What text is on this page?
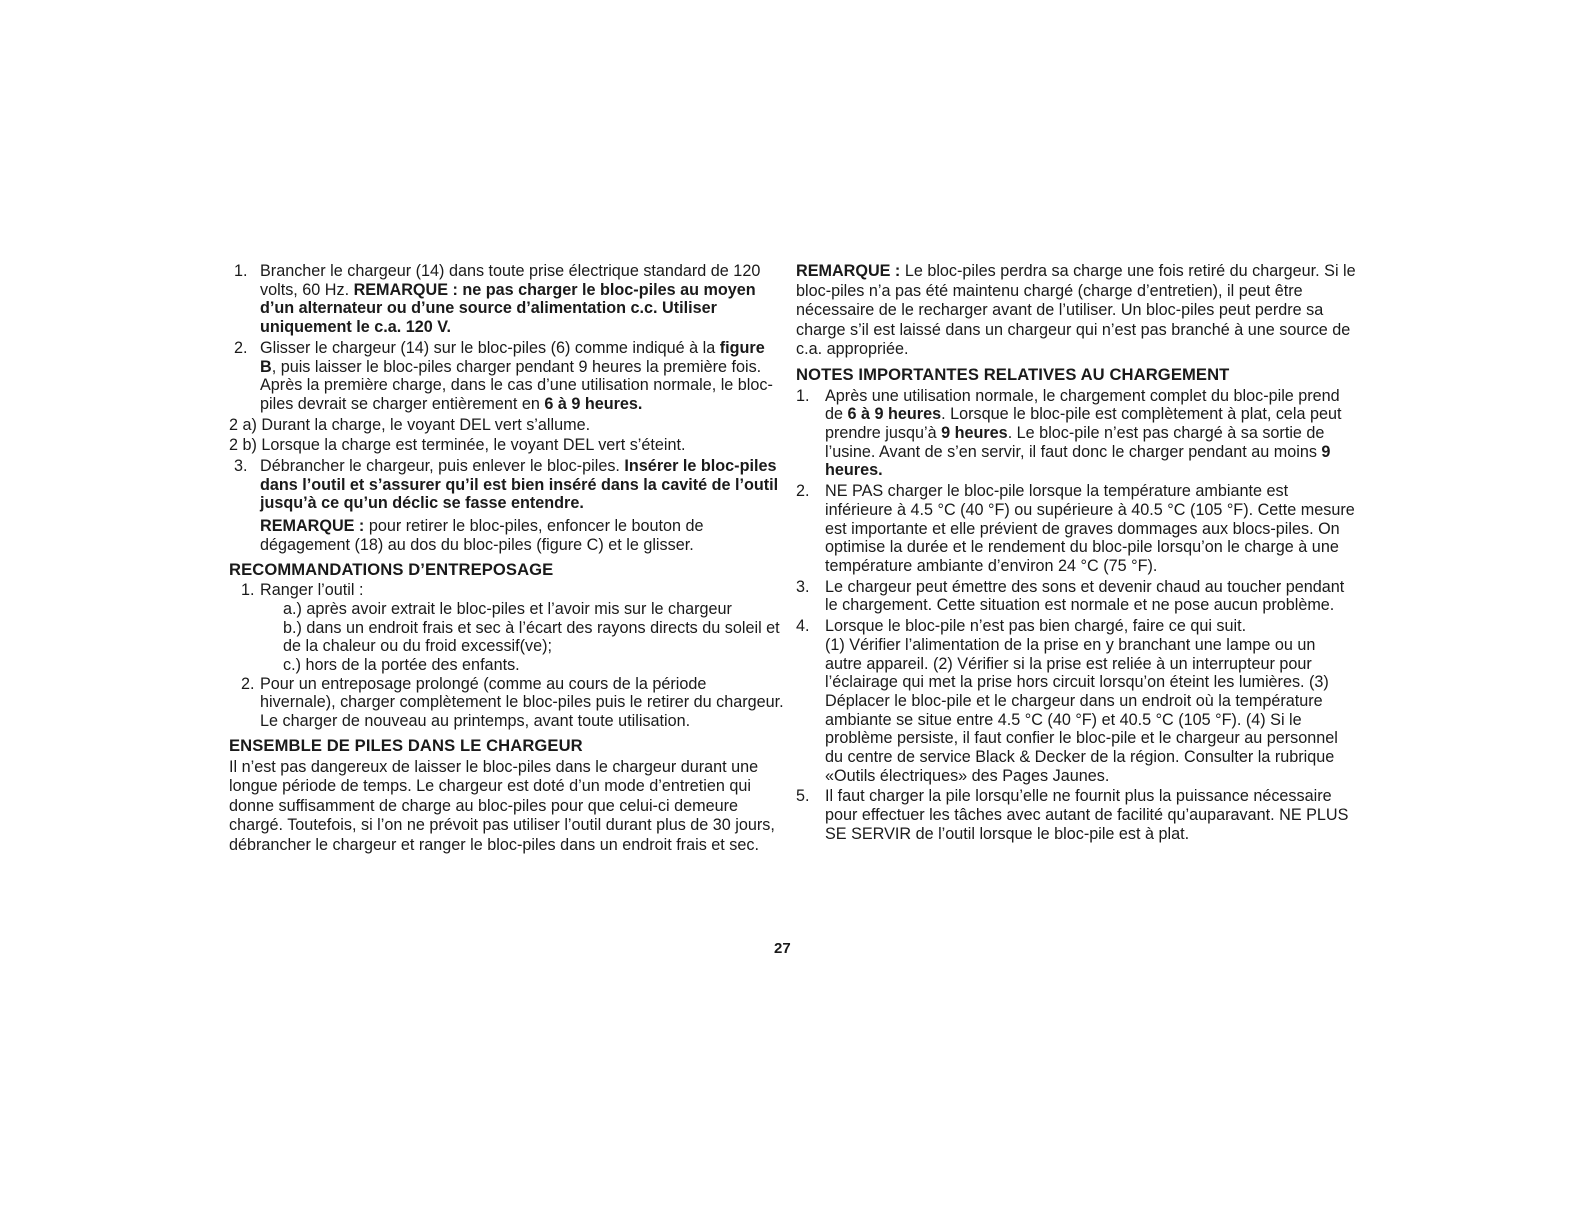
1. Brancher le chargeur (14) dans toute prise électrique standard de 120 volts, 60 Hz. REMARQUE : ne pas charger le bloc-piles au moyen d’un alternateur ou d’une source d’alimentation c.c. Utiliser uniquement le c.a. 120 V.
2. Glisser le chargeur (14) sur le bloc-piles (6) comme indiqué à la figure B, puis laisser le bloc-piles charger pendant 9 heures la première fois. Après la première charge, dans le cas d’une utilisation normale, le bloc-piles devrait se charger entièrement en 6 à 9 heures.

2 a) Durant la charge, le voyant DEL vert s’allume.

2 b) Lorsque la charge est terminée, le voyant DEL vert s’éteint.

3. Débrancher le chargeur, puis enlever le bloc-piles. Insérer le bloc-piles dans l’outil et s’assurer qu’il est bien inséré dans la cavité de l’outil jusqu’à ce qu’un déclic se fasse entendre.

REMARQUE : pour retirer le bloc-piles, enfoncer le bouton de dégagement (18) au dos du bloc-piles (figure C) et le glisser.

RECOMMANDATIONS D’ENTREPOSAGE

1. Ranger l’outil :

a.) après avoir extrait le bloc-piles et l’avoir mis sur le chargeur

b.) dans un endroit frais et sec à l’écart des rayons directs du soleil et de la chaleur ou du froid excessif(ve);

c.) hors de la portée des enfants.

2. Pour un entreposage prolongé (comme au cours de la période hivernale), charger complètement le bloc-piles puis le retirer du chargeur. Le charger de nouveau au printemps, avant toute utilisation.

ENSEMBLE DE PILES DANS LE CHARGEUR

Il n’est pas dangereux de laisser le bloc-piles dans le chargeur durant une longue période de temps. Le chargeur est doté d’un mode d’entretien qui donne suffisamment de charge au bloc-piles pour que celui-ci demeure chargé. Toutefois, si l’on ne prévoit pas utiliser l’outil durant plus de 30 jours, débrancher le chargeur et ranger le bloc-piles dans un endroit frais et sec.

REMARQUE : Le bloc-piles perdra sa charge une fois retiré du chargeur. Si le bloc-piles n’a pas été maintenu chargé (charge d’entretien), il peut être nécessaire de le recharger avant de l’utiliser. Un bloc-piles peut perdre sa charge s’il est laissé dans un chargeur qui n’est pas branché à une source de c.a. appropriée.

NOTES IMPORTANTES RELATIVES AU CHARGEMENT

1. Après une utilisation normale, le chargement complet du bloc-pile prend de 6 à 9 heures. Lorsque le bloc-pile est complètement à plat, cela peut prendre jusqu’à 9 heures. Le bloc-pile n’est pas chargé à sa sortie de l’usine. Avant de s’en servir, il faut donc le charger pendant au moins 9 heures.
2. NE PAS charger le bloc-pile lorsque la température ambiante est inférieure à 4.5 °C (40 °F) ou supérieure à 40.5 °C (105 °F). Cette mesure est importante et elle prévient de graves dommages aux blocs-piles. On optimise la durée et le rendement du bloc-pile lorsqu’on le charge à une température ambiante d’environ 24 °C (75 °F).
3. Le chargeur peut émettre des sons et devenir chaud au toucher pendant le chargement. Cette situation est normale et ne pose aucun problème.
4. Lorsque le bloc-pile n’est pas bien chargé, faire ce qui suit.

(1) Vérifier l’alimentation de la prise en y branchant une lampe ou un autre appareil. (2) Vérifier si la prise est reliée à un interrupteur pour l’éclairage qui met la prise hors circuit lorsqu’on éteint les lumières. (3) Déplacer le bloc-pile et le chargeur dans un endroit où la température ambiante se situe entre 4.5 °C (40 °F) et 40.5 °C (105 °F). (4) Si le problème persiste, il faut confier le bloc-pile et le chargeur au personnel du centre de service Black & Decker de la région. Consulter la rubrique «Outils électriques» des Pages Jaunes.

5. Il faut charger la pile lorsqu’elle ne fournit plus la puissance nécessaire pour effectuer les tâches avec autant de facilité qu’auparavant. NE PLUS SE SERVIR de l’outil lorsque le bloc-pile est à plat.
27
